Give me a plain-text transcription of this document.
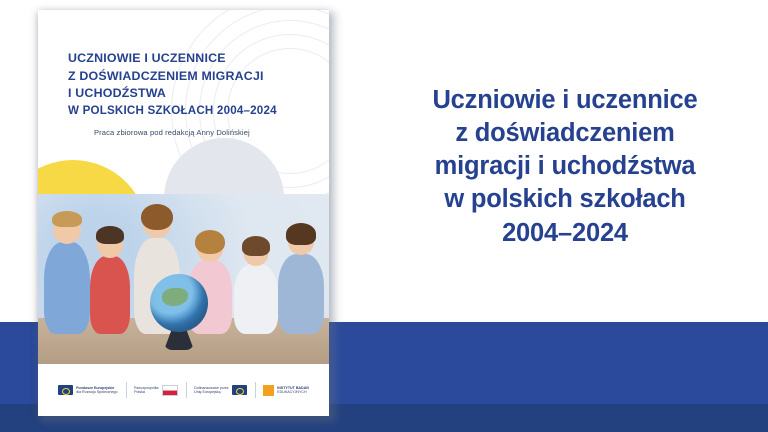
UCZNIOWIE I UCZENNICE
Z DOŚWIADCZENIEM MIGRACJI
I UCHODŹSTWA
W POLSKICH SZKOŁACH 2004–2024
Praca zbiorowa pod redakcją Anny Dolińskiej
Fundusze Europejskie
dla Rozwoju Społecznego
Rzeczpospolita
Polska
Dofinansowane przez
Unię Europejską
INSTYTUT BADAŃ
EDUKACYJNYCH
Uczniowie i uczennice
z doświadczeniem
migracji i uchodźstwa
w polskich szkołach
2004–2024
